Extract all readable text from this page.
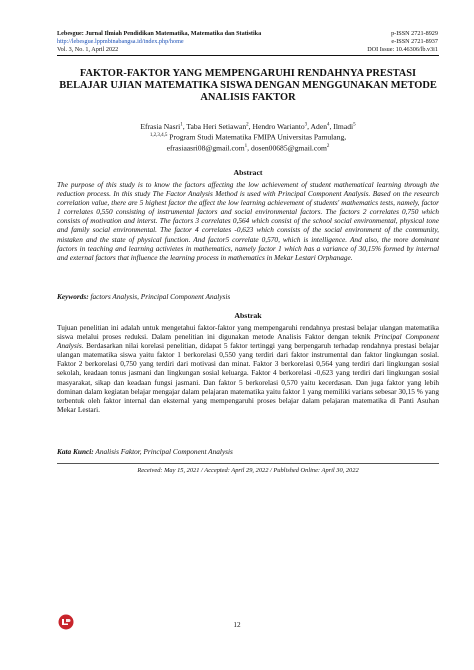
Lebesgue: Jurnal Ilmiah Pendidikan Matematika, Matematika dan Statistika
http://lebesgue.lppmbinabangsa.id/index.php/home
Vol. 3, No. 1, April 2022
p-ISSN 2721-8929
e-ISSN 2721-8937
DOI Issue: 10.46306/lb.v3i1
FAKTOR-FAKTOR YANG MEMPENGARUHI RENDAHNYA PRESTASI BELAJAR UJIAN MATEMATIKA SISWA DENGAN MENGGUNAKAN METODE ANALISIS FAKTOR
Efrasia Nasri$^1$, Taba Heri Setiawan$^2$, Hendro Warianto$^3$, Aden$^4$, Ilmadi$^5$
$^{1,2,3,4,5}$ Program Studi Matematika FMIPA Universitas Pamulang,
efrasiaasri08@gmail.com$^1$, dosen00685@gmail.com$^2$
Abstract
The purpose of this study is to know the factors affecting the low achievement of student mathematical learning through the reduction process. In this study The Factor Analysis Method is used with Principal Component Analysis. Based on the research correlation value, there are 5 highest factor the affect the low learning achievement of students' mathematics tests, namely, factor 1 correlates 0,550 consisting of instrumental factors and social environmental factors. The factors 2 correlates 0,750 which consists of motivation and interst. The factors 3 correlates 0,564 which consist of the school social environmental, physical tone and family social environmental. The factor 4 correlates -0,623 which consists of the social environment of the community, mistaken and the state of physical function. And factor5 correlate 0,570, which is intelligence. And also, the more dominant factors in teaching and learning activietes in mathematics, namely factor 1 which has a variance of 30,15% formed by internal and external factors that influence the learning process in mathematics in Mekar Lestari Orphanage.
Keywords: factors Analysis, Principal Component Analysis
Abstrak
Tujuan penelitian ini adalah untuk mengetahui faktor-faktor yang mempengaruhi rendahnya prestasi belajar ulangan matematika siswa melalui proses reduksi. Dalam penelitian ini digunakan metode Analisis Faktor dengan teknik Principal Component Analysis. Berdasarkan nilai korelasi penelitian, didapat 5 faktor tertinggi yang berpengaruh terhadap rendahnya prestasi belajar ulangan matematika siswa yaitu faktor 1 berkorelasi 0,550 yang terdiri dari faktor instrumental dan faktor lingkungan sosial. Faktor 2 berkorelasi 0,750 yang terdiri dari motivasi dan minat. Faktor 3 berkorelasi 0,564 yang terdiri dari lingkungan sosial sekolah, keadaan tonus jasmani dan lingkungan sosial keluarga. Faktor 4 berkorelasi -0,623 yang terdiri dari lingkungan sosial masyarakat, sikap dan keadaan fungsi jasmani. Dan faktor 5 berkorelasi 0,570 yaitu kecerdasan. Dan juga faktor yang lebih dominan dalam kegiatan belajar mengajar dalam pelajaran matematika yaitu faktor 1 yang memiliki varians sebesar 30,15 % yang terbentuk oleh faktor internal dan eksternal yang mempengaruhi proses belajar dalam pelajaran matematika di Panti Asuhan Mekar Lestari.
Kata Kunci: Analisis Faktor, Principal Component Analysis
Received: May 15, 2021 / Accepted: April 29, 2022 / Published Online: April 30, 2022
12
